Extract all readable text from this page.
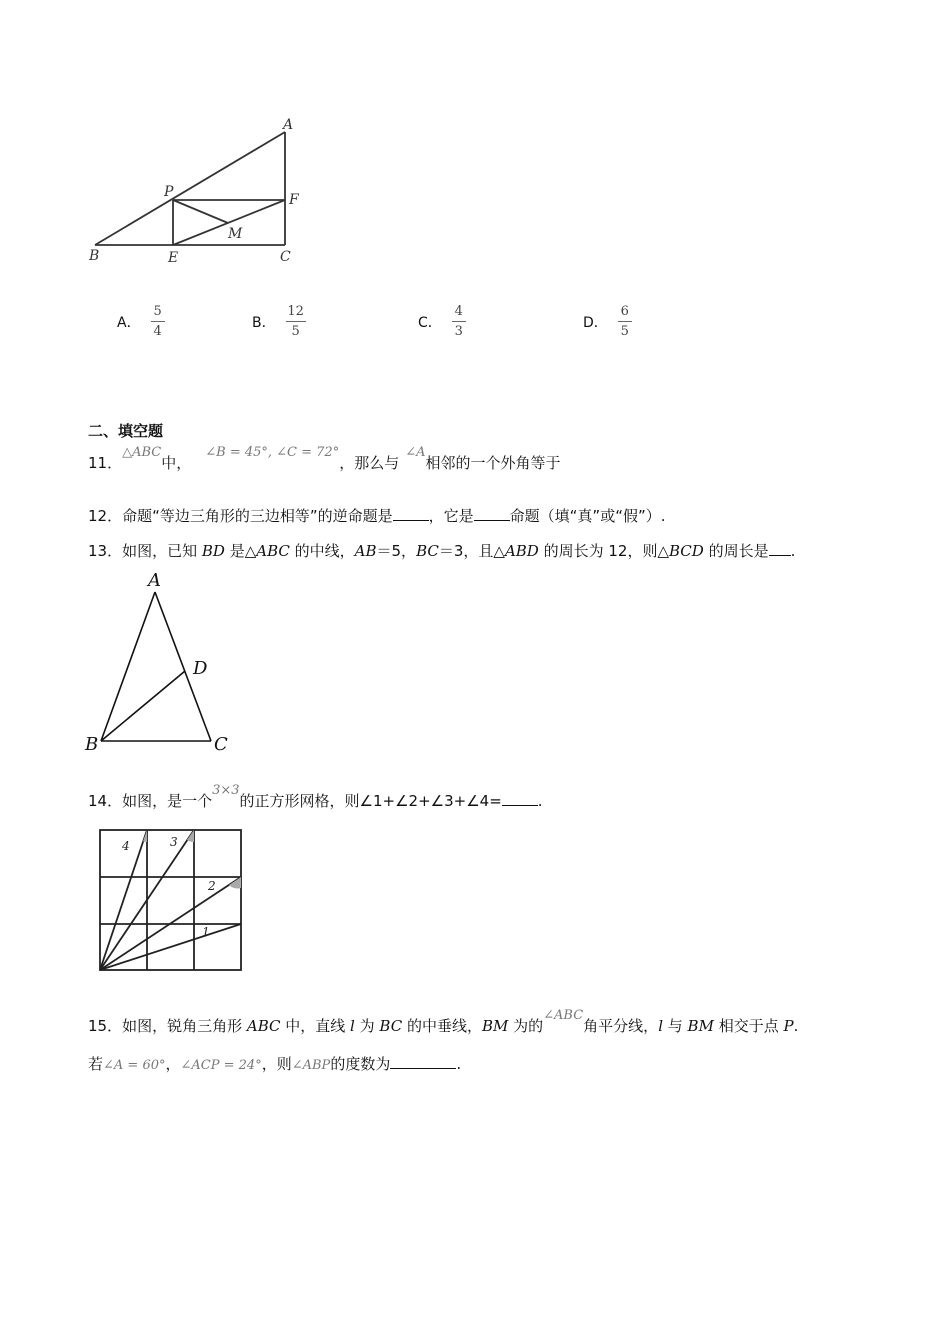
A
P	F
M
B	E	C
A． $\frac{5}{4}$	B． $\frac{12}{5}$	C． $\frac{4}{3}$	D． $\frac{6}{5}$
二、填空题
11．△ABC中，∠B = 45°, ∠C = 72°，那么与∠A相邻的一个外角等于
12．命题“等边三角形的三边相等”的逆命题是 ，它是 命题（填“真”或“假”）.
13．如图，已知 BD 是△ABC 的中线，AB＝5，BC＝3，且△ABD 的周长为 12，则△BCD 的周长是 .
A
D
B	C
14．如图，是一个3×3的正方形网格，则∠1+∠2+∠3+∠4= .
4	3
2
1
15．如图，锐角三角形 ABC 中，直线 l 为 BC 的中垂线，BM 为的∠ABC角平分线，l 与 BM 相交于点 P.
若∠A = 60°，∠ACP = 24°，则∠ABP的度数为	.
